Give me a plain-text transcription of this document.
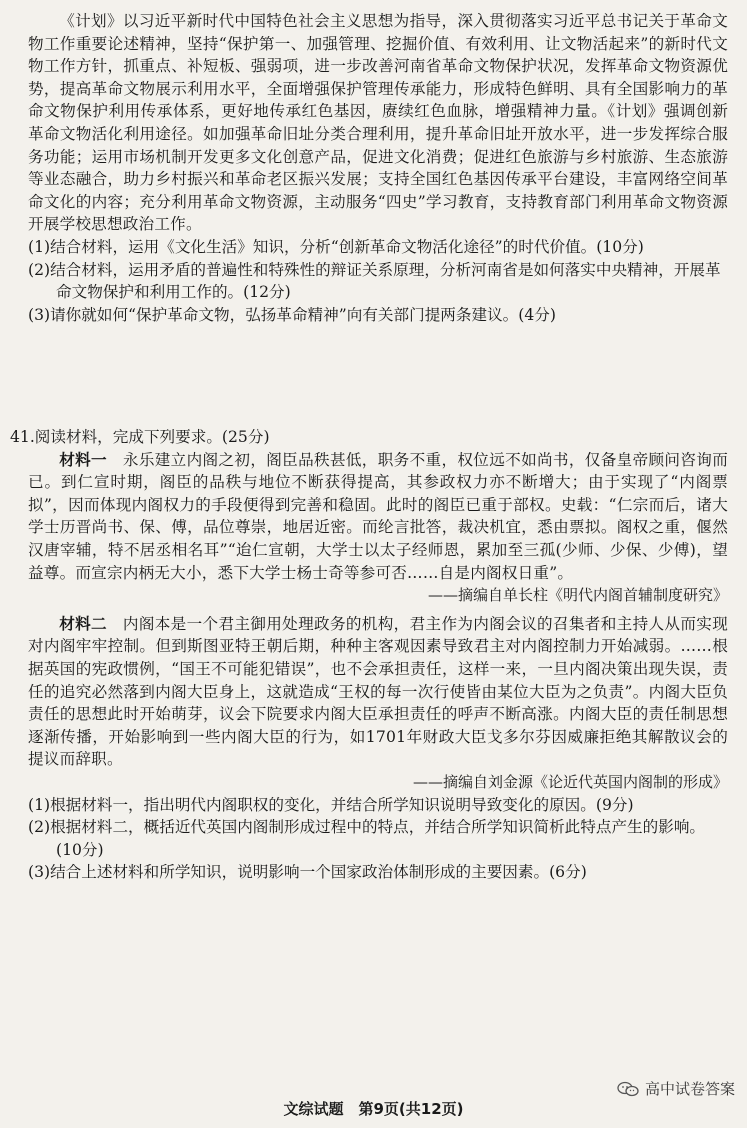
《计划》以习近平新时代中国特色社会主义思想为指导，深入贯彻落实习近平总书记关于革命文物工作重要论述精神，坚持“保护第一、加强管理、挖掘价值、有效利用、让文物活起来”的新时代文物工作方针，抓重点、补短板、强弱项，进一步改善河南省革命文物保护状况，发挥革命文物资源优势，提高革命文物展示利用水平，全面增强保护管理传承能力，形成特色鲜明、具有全国影响力的革命文物保护利用传承体系，更好地传承红色基因，赓续红色血脉，增强精神力量。《计划》强调创新革命文物活化利用途径。如加强革命旧址分类合理利用，提升革命旧址开放水平，进一步发挥综合服务功能；运用市场机制开发更多文化创意产品，促进文化消费；促进红色旅游与乡村旅游、生态旅游等业态融合，助力乡村振兴和革命老区振兴发展；支持全国红色基因传承平台建设，丰富网络空间革命文化的内容；充分利用革命文物资源，主动服务“四史”学习教育，支持教育部门利用革命文物资源开展学校思想政治工作。

(1)结合材料，运用《文化生活》知识，分析“创新革命文物活化途径”的时代价值。(10分)

(2)结合材料，运用矛盾的普遍性和特殊性的辩证关系原理，分析河南省是如何落实中央精神，开展革命文物保护和利用工作的。(12分)

(3)请你就如何“保护革命文物，弘扬革命精神”向有关部门提两条建议。(4分)

41.阅读材料，完成下列要求。(25分)

材料一　 永乐建立内阁之初，阁臣品秩甚低，职务不重，权位远不如尚书，仅备皇帝顾问咨询而已。到仁宣时期，阁臣的品秩与地位不断获得提高，其参政权力亦不断增大；由于实现了“内阁票拟”，因而体现内阁权力的手段便得到完善和稳固。此时的阁臣已重于部权。史载：“仁宗而后，诸大学士历晋尚书、保、傅，品位尊崇，地居近密。而纶言批答，裁决机宜，悉由票拟。阁权之重，偃然汉唐宰辅，特不居丞相名耳”“迨仁宣朝，大学士以太子经师恩，累加至三孤(少师、少保、少傅)，望益尊。而宣宗内柄无大小，悉下大学士杨士奇等参可否……自是内阁权日重”。

——摘编自单长柱《明代内阁首辅制度研究》

材料二　 内阁本是一个君主御用处理政务的机构，君主作为内阁会议的召集者和主持人从而实现对内阁牢牢控制。但到斯图亚特王朝后期，种种主客观因素导致君主对内阁控制力开始减弱。……根据英国的宪政惯例，“国王不可能犯错误”，也不会承担责任，这样一来，一旦内阁决策出现失误，责任的追究必然落到内阁大臣身上，这就造成“王权的每一次行使皆由某位大臣为之负责”。内阁大臣负责任的思想此时开始萌芽，议会下院要求内阁大臣承担责任的呼声不断高涨。内阁大臣的责任制思想逐渐传播，开始影响到一些内阁大臣的行为，如1701年财政大臣戈多尔芬因威廉拒绝其解散议会的提议而辞职。

——摘编自刘金源《论近代英国内阁制的形成》

(1)根据材料一，指出明代内阁职权的变化，并结合所学知识说明导致变化的原因。(9分)

(2)根据材料二，概括近代英国内阁制形成过程中的特点，并结合所学知识简析此特点产生的影响。(10分)

(3)结合上述材料和所学知识，说明影响一个国家政治体制形成的主要因素。(6分)

高中试卷答案
文综试题　第9页(共12页)
